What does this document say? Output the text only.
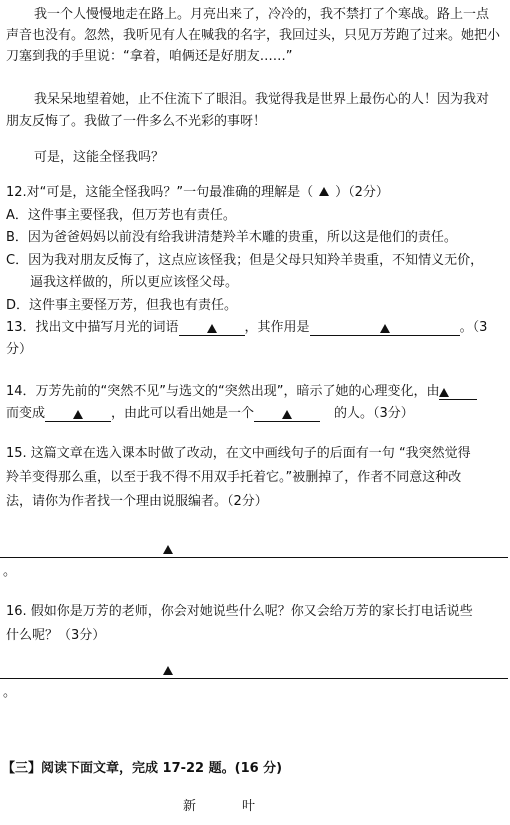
我一个人慢慢地走在路上。月亮出来了，冷冷的，我不禁打了个寒战。路上一点
声音也没有。忽然，我听见有人在喊我的名字，我回过头，只见万芳跑了过来。她把小
刀塞到我的手里说：“拿着，咱俩还是好朋友……”
我呆呆地望着她，止不住流下了眼泪。我觉得我是世界上最伤心的人！因为我对
朋友反悔了。我做了一件多么不光彩的事呀！
可是，这能全怪我吗？
12.对“可是，这能全怪我吗？”一句最准确的理解是（ ）（2分）
A．这件事主要怪我，但万芳也有责任。
B．因为爸爸妈妈以前没有给我讲清楚羚羊木雕的贵重，所以这是他们的责任。
C．因为我对朋友反悔了，这点应该怪我；但是父母只知羚羊贵重，不知情义无价，
逼我这样做的，所以更应该怪父母。
D．这件事主要怪万芳，但我也有责任。
13．找出文中描写月光的词语	，其作用是	。（3
分）
14．万芳先前的“突然不见”与选文的“突然出现”，暗示了她的心理变化，由
而变成	，由此可以看出她是一个	的人。（3分）
15. 这篇文章在选入课本时做了改动，在文中画线句子的后面有一句 “我突然觉得
羚羊变得那么重，以至于我不得不用双手托着它。”被删掉了，作者不同意这种改
法，请你为作者找一个理由说服编者。（2分）
。
16. 假如你是万芳的老师，你会对她说些什么呢？你又会给万芳的家长打电话说些
什么呢？（3分）
。
【三】阅读下面文章，完成 17-22 题。(16 分)
新叶
